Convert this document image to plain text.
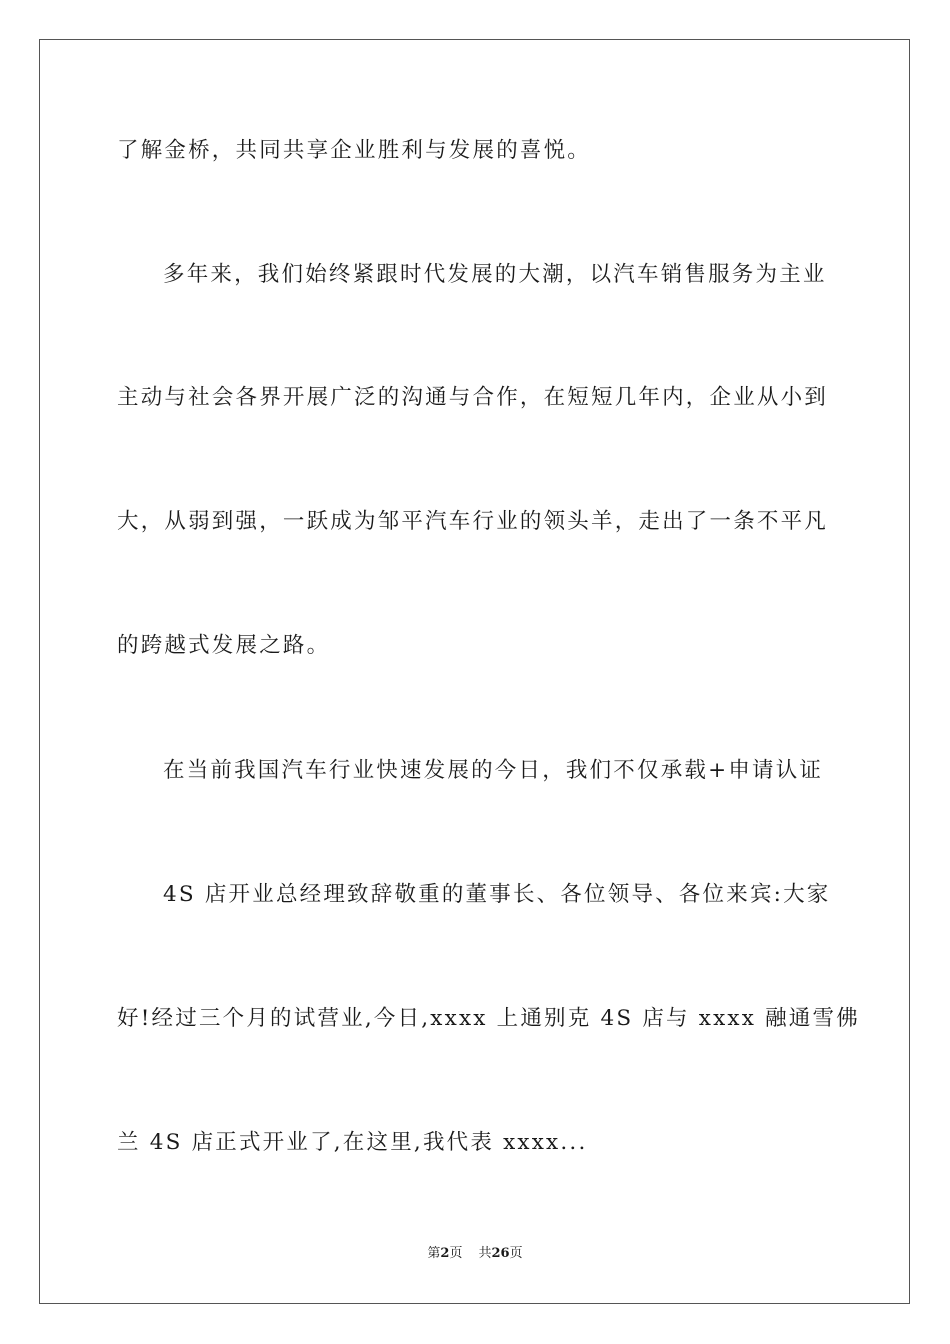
了解金桥，共同共享企业胜利与发展的喜悦。
多年来，我们始终紧跟时代发展的大潮，以汽车销售服务为主业
主动与社会各界开展广泛的沟通与合作，在短短几年内，企业从小到
大，从弱到强，一跃成为邹平汽车行业的领头羊，走出了一条不平凡
的跨越式发展之路。
在当前我国汽车行业快速发展的今日，我们不仅承载+申请认证
4S 店开业总经理致辞敬重的董事长、各位领导、各位来宾:大家
好!经过三个月的试营业,今日,xxxx 上通别克 4S 店与 xxxx 融通雪佛
兰 4S 店正式开业了,在这里,我代表 xxxx...
第2页 共26页
